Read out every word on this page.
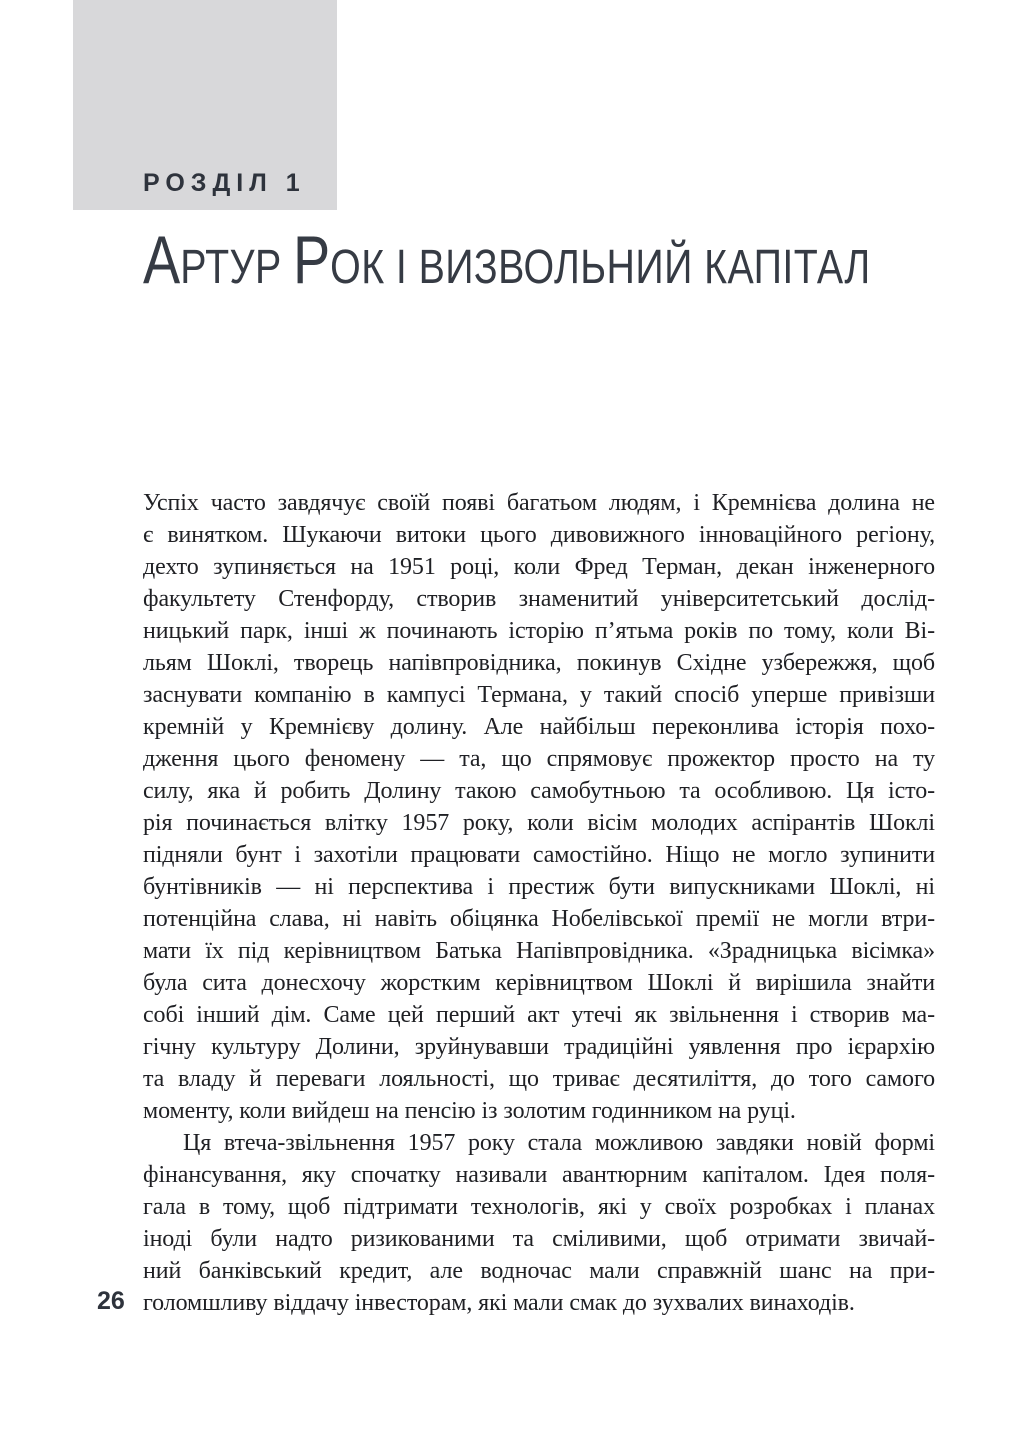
РОЗДІЛ 1
АРТУР РОК І ВИЗВОЛЬНИЙ КАПІТАЛ
Успіх часто завдячує своїй появі багатьом людям, і Кремнієва долина не
є винятком. Шукаючи витоки цього дивовижного інноваційного регіону,
дехто зупиняється на 1951 році, коли Фред Терман, декан інженерного
факультету Стенфорду, створив знаменитий університетський дослід-
ницький парк, інші ж починають історію п’ятьма років по тому, коли Ві-
льям Шоклі, творець напівпровідника, покинув Східне узбережжя, щоб
заснувати компанію в кампусі Термана, у такий спосіб уперше привізши
кремній у Кремнієву долину. Але найбільш переконлива історія похо-
дження цього феномену — та, що спрямовує прожектор просто на ту
силу, яка й робить Долину такою самобутньою та особливою. Ця істо-
рія починається влітку 1957 року, коли вісім молодих аспірантів Шоклі
підняли бунт і захотіли працювати самостійно. Ніщо не могло зупинити
бунтівників — ні перспектива і престиж бути випускниками Шоклі, ні
потенційна слава, ні навіть обіцянка Нобелівської премії не могли втри-
мати їх під керівництвом Батька Напівпровідника. «Зрадницька вісімка»
була сита донесхочу жорстким керівництвом Шоклі й вирішила знайти
собі інший дім. Саме цей перший акт утечі як звільнення і створив ма-
гічну культуру Долини, зруйнувавши традиційні уявлення про ієрархію
та владу й переваги лояльності, що триває десятиліття, до того самого
моменту, коли вийдеш на пенсію із золотим годинником на руці.
Ця втеча-звільнення 1957 року стала можливою завдяки новій формі
фінансування, яку спочатку називали авантюрним капіталом. Ідея поля-
гала в тому, щоб підтримати технологів, які у своїх розробках і планах
іноді були надто ризикованими та сміливими, щоб отримати звичай-
ний банківський кредит, але водночас мали справжній шанс на при-
голомшливу віддачу інвесторам, які мали смак до зухвалих винаходів.
26
